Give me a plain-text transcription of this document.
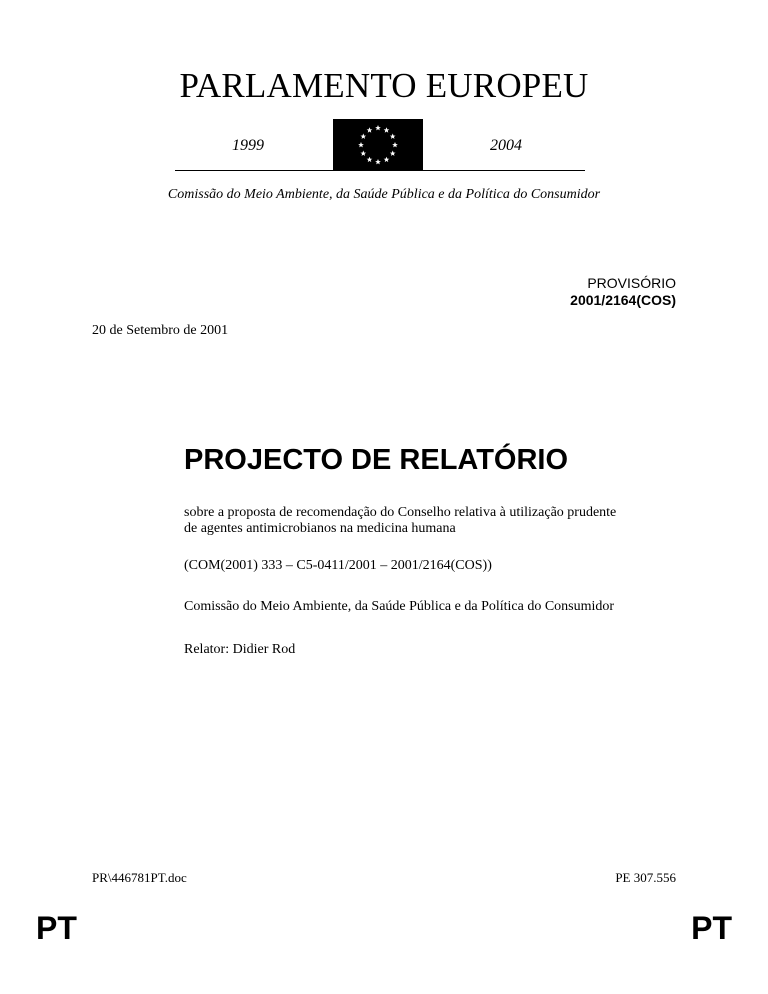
PARLAMENTO EUROPEU
1999	2004
Comissão do Meio Ambiente, da Saúde Pública e da Política do Consumidor
PROVISÓRIO
2001/2164(COS)
20 de Setembro de 2001
PROJECTO DE RELATÓRIO
sobre a proposta de recomendação do Conselho relativa à utilização prudente
de agentes antimicrobianos na medicina humana
(COM(2001) 333 – C5-0411/2001 – 2001/2164(COS))
Comissão do Meio Ambiente, da Saúde Pública e da Política do Consumidor
Relator: Didier Rod
PR\446781PT.doc	PE 307.556
PT	PT
